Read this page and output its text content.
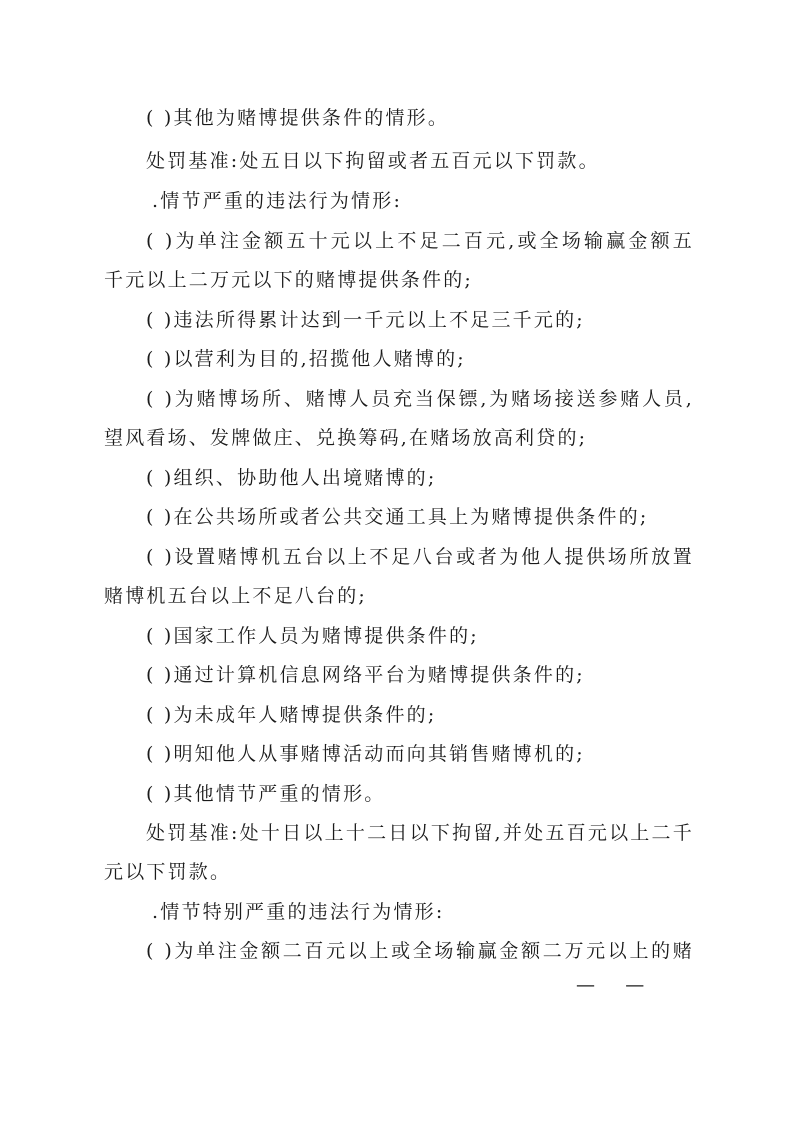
( )其他为赌博提供条件的情形。
处罚基准:处五日以下拘留或者五百元以下罚款。
.情节严重的违法行为情形:
( )为单注金额五十元以上不足二百元,或全场输赢金额五
千元以上二万元以下的赌博提供条件的;
( )违法所得累计达到一千元以上不足三千元的;
( )以营利为目的,招揽他人赌博的;
( )为赌博场所、赌博人员充当保镖,为赌场接送参赌人员,
望风看场、发牌做庄、兑换筹码,在赌场放高利贷的;
( )组织、协助他人出境赌博的;
( )在公共场所或者公共交通工具上为赌博提供条件的;
( )设置赌博机五台以上不足八台或者为他人提供场所放置
赌博机五台以上不足八台的;
( )国家工作人员为赌博提供条件的;
( )通过计算机信息网络平台为赌博提供条件的;
( )为未成年人赌博提供条件的;
( )明知他人从事赌博活动而向其销售赌博机的;
( )其他情节严重的情形。
处罚基准:处十日以上十二日以下拘留,并处五百元以上二千
元以下罚款。
.情节特别严重的违法行为情形:
( )为单注金额二百元以上或全场输赢金额二万元以上的赌
—     —
